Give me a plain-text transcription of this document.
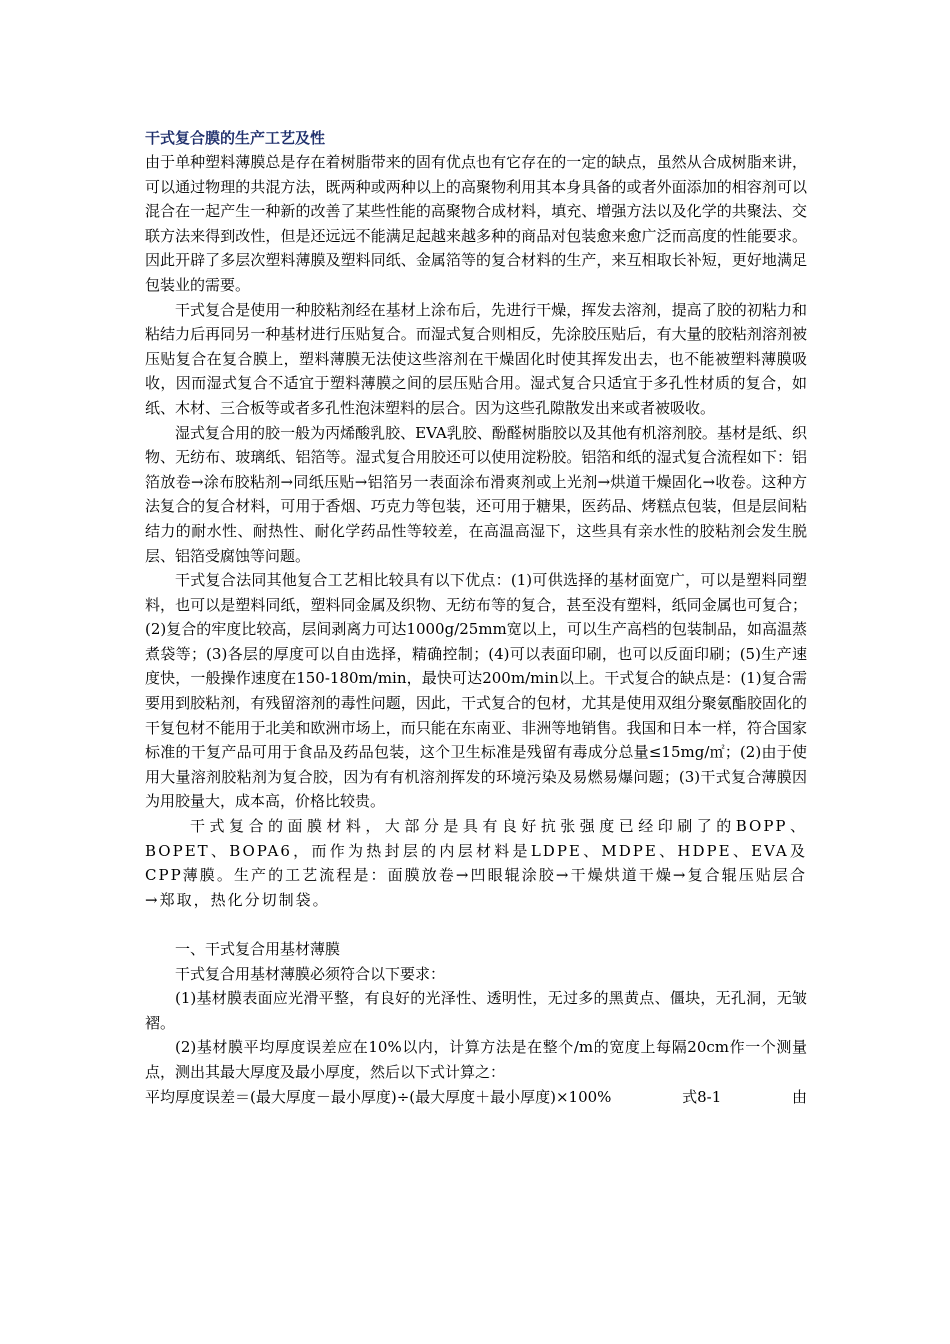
干式复合膜的生产工艺及性

由于单种塑料薄膜总是存在着树脂带来的固有优点也有它存在的一定的缺点，虽然从合成树脂来讲，可以通过物理的共混方法，既两种或两种以上的高聚物利用其本身具备的或者外面添加的相容剂可以混合在一起产生一种新的改善了某些性能的高聚物合成材料，填充、增强方法以及化学的共聚法、交联方法来得到改性，但是还远远不能满足起越来越多种的商品对包装愈来愈广泛而高度的性能要求。因此开辟了多层次塑料薄膜及塑料同纸、金属箔等的复合材料的生产，来互相取长补短，更好地满足包装业的需要。

干式复合是使用一种胶粘剂经在基材上涂布后，先进行干燥，挥发去溶剂，提高了胶的初粘力和粘结力后再同另一种基材进行压贴复合。而湿式复合则相反，先涂胶压贴后，有大量的胶粘剂溶剂被压贴复合在复合膜上，塑料薄膜无法使这些溶剂在干燥固化时使其挥发出去，也不能被塑料薄膜吸收，因而湿式复合不适宜于塑料薄膜之间的层压贴合用。湿式复合只适宜于多孔性材质的复合，如纸、木材、三合板等或者多孔性泡沫塑料的层合。因为这些孔隙散发出来或者被吸收。

湿式复合用的胶一般为丙烯酸乳胶、EVA乳胶、酚醛树脂胶以及其他有机溶剂胶。基材是纸、织物、无纺布、玻璃纸、铝箔等。湿式复合用胶还可以使用淀粉胶。铝箔和纸的湿式复合流程如下：铝箔放卷→涂布胶粘剂→同纸压贴→铝箔另一表面涂布滑爽剂或上光剂→烘道干燥固化→收卷。这种方法复合的复合材料，可用于香烟、巧克力等包装，还可用于糖果，医药品、烤糕点包装，但是层间粘结力的耐水性、耐热性、耐化学药品性等较差，在高温高湿下，这些具有亲水性的胶粘剂会发生脱层、铝箔受腐蚀等问题。

干式复合法同其他复合工艺相比较具有以下优点：(1)可供选择的基材面宽广，可以是塑料同塑料，也可以是塑料同纸，塑料同金属及织物、无纺布等的复合，甚至没有塑料，纸同金属也可复合；(2)复合的牢度比较高，层间剥离力可达1000g/25mm宽以上，可以生产高档的包装制品，如高温蒸煮袋等；(3)各层的厚度可以自由选择，精确控制；(4)可以表面印刷，也可以反面印刷；(5)生产速度快，一般操作速度在150-180m/min，最快可达200m/min以上。干式复合的缺点是：(1)复合需要用到胶粘剂，有残留溶剂的毒性问题，因此，干式复合的包材，尤其是使用双组分聚氨酯胶固化的干复包材不能用于北美和欧洲市场上，而只能在东南亚、非洲等地销售。我国和日本一样，符合国家标准的干复产品可用于食品及药品包装，这个卫生标准是残留有毒成分总量≤15mg/㎡；(2)由于使用大量溶剂胶粘剂为复合胶，因为有有机溶剂挥发的环境污染及易燃易爆问题；(3)干式复合薄膜因为用胶量大，成本高，价格比较贵。

干式复合的面膜材料，大部分是具有良好抗张强度已经印刷了的BOPP、BOPET、BOPA6，而作为热封层的内层材料是LDPE、MDPE、HDPE、EVA及CPP薄膜。生产的工艺流程是：面膜放卷→凹眼辊涂胶→干燥烘道干燥→复合辊压贴层合→郑取，热化分切制袋。

一、干式复合用基材薄膜

干式复合用基材薄膜必须符合以下要求：

(1)基材膜表面应光滑平整，有良好的光泽性、透明性，无过多的黑黄点、僵块，无孔洞，无皱褶。

(2)基材膜平均厚度误差应在10%以内，计算方法是在整个/m的宽度上每隔20cm作一个测量点，测出其最大厚度及最小厚度，然后以下式计算之：

平均厚度误差＝(最大厚度－最小厚度)÷(最大厚度＋最小厚度)×100%	式8-1	由
